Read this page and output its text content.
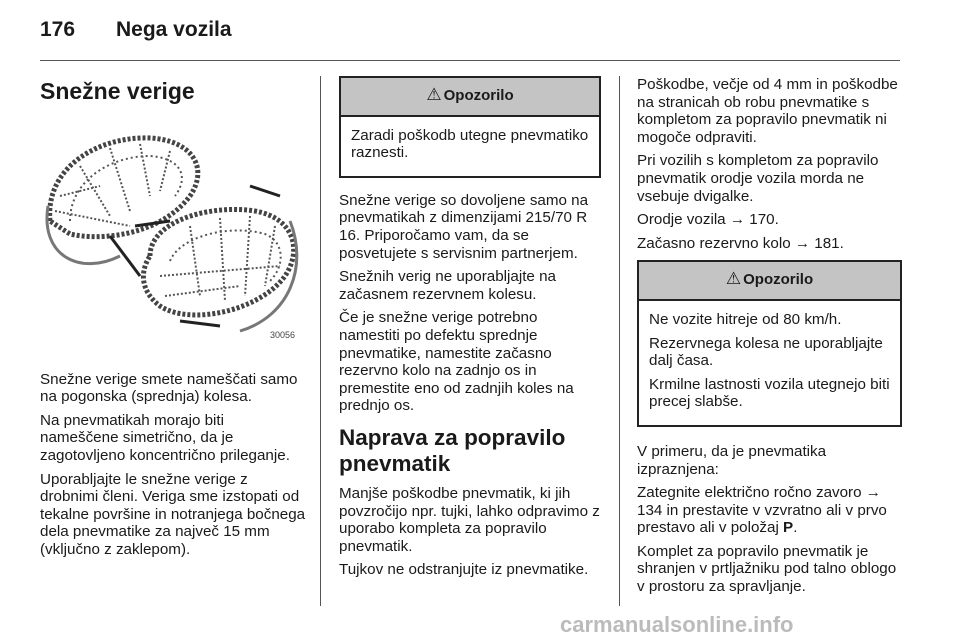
176 Nega vozila
Snežne verige
30056

Snežne verige smete nameščati samo na pogonska (sprednja) kolesa.

Na pnevmatikah morajo biti nameščene simetrično, da je zagotovljeno koncentrično prileganje.

Uporabljajte le snežne verige z drobnimi členi. Veriga sme izstopati od tekalne površine in notranjega bočnega dela pnevmatike za največ 15 mm (vključno z zaklepom).

⚠ Opozorilo

Zaradi poškodb utegne pnevmatiko raznesti.

Snežne verige so dovoljene samo na pnevmatikah z dimenzijami 215/70 R 16. Priporočamo vam, da se posvetujete s servisnim partnerjem.

Snežnih verig ne uporabljajte na začasnem rezervnem kolesu.

Če je snežne verige potrebno namestiti po defektu sprednje pnevmatike, namestite začasno rezervno kolo na zadnjo os in premestite eno od zadnjih koles na prednjo os.

Naprava za popravilo pnevmatik

Manjše poškodbe pnevmatik, ki jih povzročijo npr. tujki, lahko odpravimo z uporabo kompleta za popravilo pnevmatik.

Tujkov ne odstranjujte iz pnevmatike.

Poškodbe, večje od 4 mm in poškodbe na stranicah ob robu pnevmatike s kompletom za popravilo pnevmatik ni mogoče odpraviti.

Pri vozilih s kompletom za popravilo pnevmatik orodje vozila morda ne vsebuje dvigalke.

Orodje vozila → 170.

Začasno rezervno kolo → 181.

⚠ Opozorilo

Ne vozite hitreje od 80 km/h.

Rezervnega kolesa ne uporabljajte dalj časa.

Krmilne lastnosti vozila utegnejo biti precej slabše.

V primeru, da je pnevmatika izpraznjena:

Zategnite električno ročno zavoro → 134 in prestavite v vzvratno ali v prvo prestavo ali v položaj P.

Komplet za popravilo pnevmatik je shranjen v prtljažniku pod talno oblogo v prostoru za spravljanje.

carmanualsonline.info
